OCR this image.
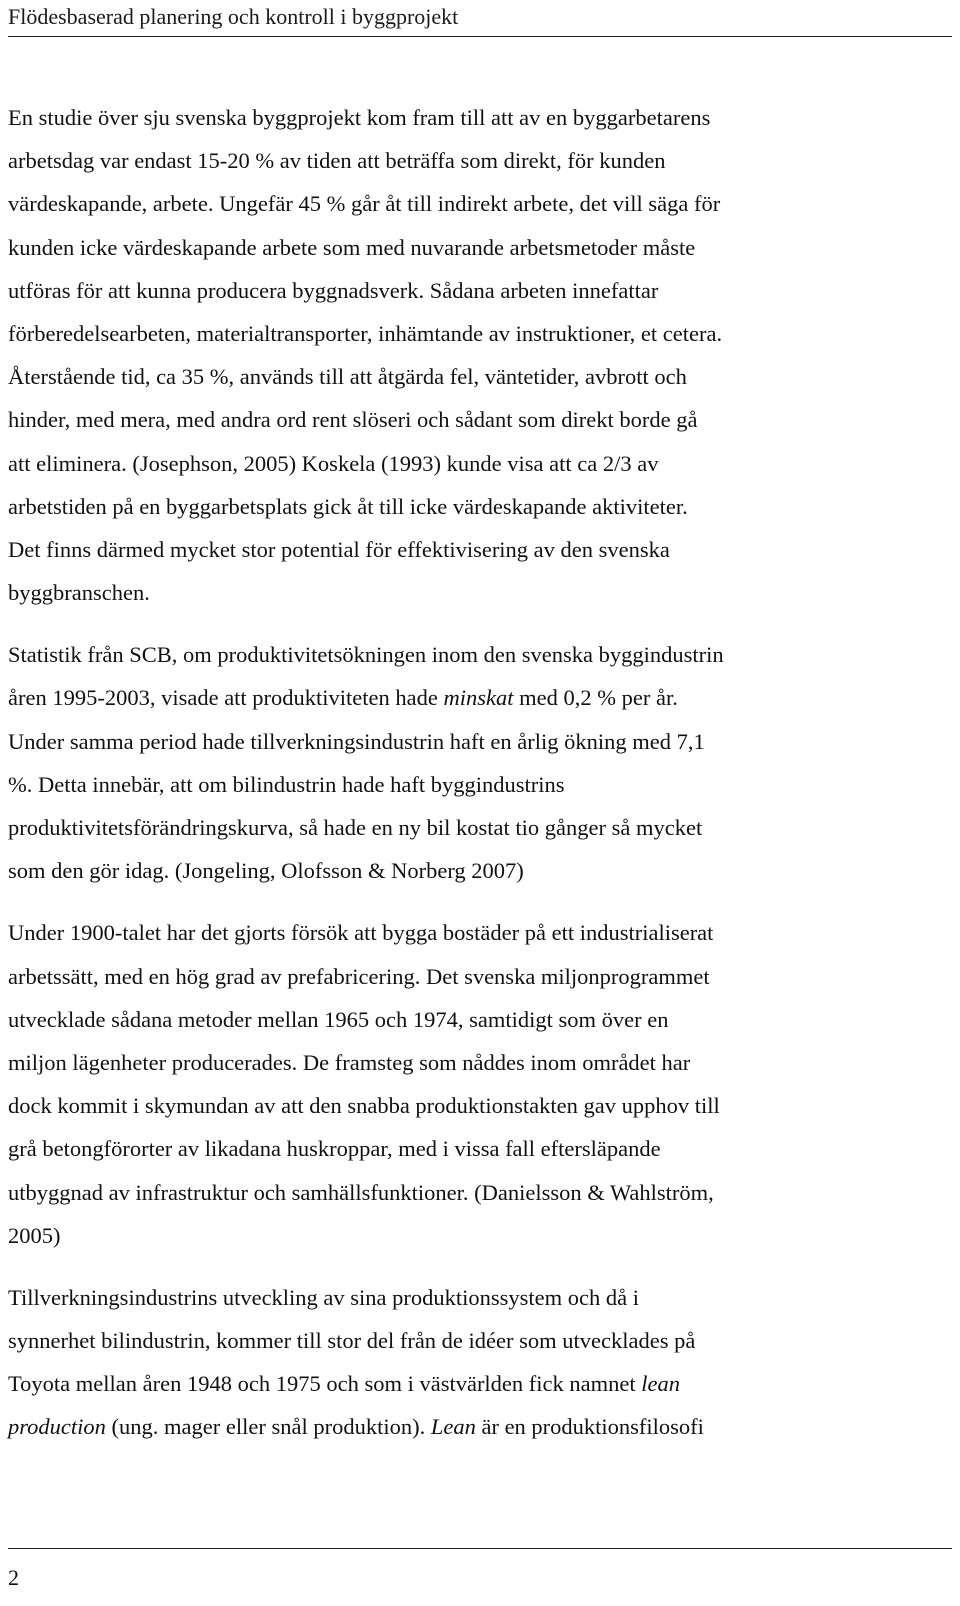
Flödesbaserad planering och kontroll i byggprojekt

En studie över sju svenska byggprojekt kom fram till att av en byggarbetarens
arbetsdag var endast 15-20 % av tiden att beträffa som direkt, för kunden
värdeskapande, arbete. Ungefär 45 % går åt till indirekt arbete, det vill säga för
kunden icke värdeskapande arbete som med nuvarande arbetsmetoder måste
utföras för att kunna producera byggnadsverk. Sådana arbeten innefattar
förberedelsearbeten, materialtransporter, inhämtande av instruktioner, et cetera.
Återstående tid, ca 35 %, används till att åtgärda fel, väntetider, avbrott och
hinder, med mera, med andra ord rent slöseri och sådant som direkt borde gå
att eliminera. (Josephson, 2005) Koskela (1993) kunde visa att ca 2/3 av
arbetstiden på en byggarbetsplats gick åt till icke värdeskapande aktiviteter.
Det finns därmed mycket stor potential för effektivisering av den svenska
byggbranschen.

Statistik från SCB, om produktivitetsökningen inom den svenska byggindustrin
åren 1995-2003, visade att produktiviteten hade minskat med 0,2 % per år.
Under samma period hade tillverkningsindustrin haft en årlig ökning med 7,1
%. Detta innebär, att om bilindustrin hade haft byggindustrins
produktivitetsförändringskurva, så hade en ny bil kostat tio gånger så mycket
som den gör idag. (Jongeling, Olofsson & Norberg 2007)

Under 1900-talet har det gjorts försök att bygga bostäder på ett industrialiserat
arbetssätt, med en hög grad av prefabricering. Det svenska miljonprogrammet
utvecklade sådana metoder mellan 1965 och 1974, samtidigt som över en
miljon lägenheter producerades. De framsteg som nåddes inom området har
dock kommit i skymundan av att den snabba produktionstakten gav upphov till
grå betongförorter av likadana huskroppar, med i vissa fall eftersläpande
utbyggnad av infrastruktur och samhällsfunktioner. (Danielsson & Wahlström,
2005)

Tillverkningsindustrins utveckling av sina produktionssystem och då i
synnerhet bilindustrin, kommer till stor del från de idéer som utvecklades på
Toyota mellan åren 1948 och 1975 och som i västvärlden fick namnet lean
production (ung. mager eller snål produktion). Lean är en produktionsfilosofi

2
